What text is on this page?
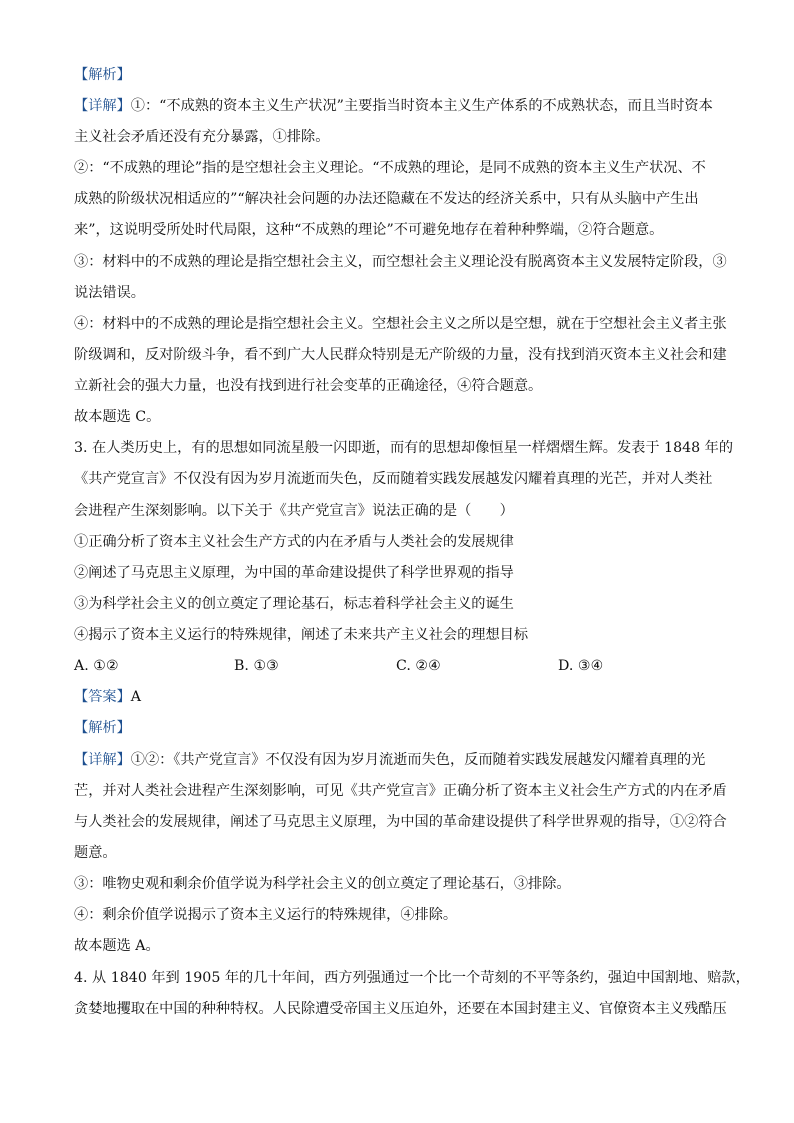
【解析】
【详解】①：“不成熟的资本主义生产状况”主要指当时资本主义生产体系的不成熟状态，而且当时资本
主义社会矛盾还没有充分暴露，①排除。
②：“不成熟的理论”指的是空想社会主义理论。“不成熟的理论，是同不成熟的资本主义生产状况、不
成熟的阶级状况相适应的”“解决社会问题的办法还隐藏在不发达的经济关系中，只有从头脑中产生出
来”，这说明受所处时代局限，这种“不成熟的理论”不可避免地存在着种种弊端，②符合题意。
③：材料中的不成熟的理论是指空想社会主义，而空想社会主义理论没有脱离资本主义发展特定阶段，③
说法错误。
④：材料中的不成熟的理论是指空想社会主义。空想社会主义之所以是空想，就在于空想社会主义者主张
阶级调和，反对阶级斗争，看不到广大人民群众特别是无产阶级的力量，没有找到消灭资本主义社会和建
立新社会的强大力量，也没有找到进行社会变革的正确途径，④符合题意。
故本题选 C。
3. 在人类历史上，有的思想如同流星般一闪即逝，而有的思想却像恒星一样熠熠生辉。发表于 1848 年的
《共产党宣言》不仅没有因为岁月流逝而失色，反而随着实践发展越发闪耀着真理的光芒，并对人类社
会进程产生深刻影响。以下关于《共产党宣言》说法正确的是（　　）
①正确分析了资本主义社会生产方式的内在矛盾与人类社会的发展规律
②阐述了马克思主义原理，为中国的革命建设提供了科学世界观的指导
③为科学社会主义的创立奠定了理论基石，标志着科学社会主义的诞生
④揭示了资本主义运行的特殊规律，阐述了未来共产主义社会的理想目标
A. ①②	B. ①③	C. ②④	D. ③④
【答案】A
【解析】
【详解】①②：《共产党宣言》不仅没有因为岁月流逝而失色，反而随着实践发展越发闪耀着真理的光
芒，并对人类社会进程产生深刻影响，可见《共产党宣言》正确分析了资本主义社会生产方式的内在矛盾
与人类社会的发展规律，阐述了马克思主义原理，为中国的革命建设提供了科学世界观的指导，①②符合
题意。
③：唯物史观和剩余价值学说为科学社会主义的创立奠定了理论基石，③排除。
④：剩余价值学说揭示了资本主义运行的特殊规律，④排除。
故本题选 A。
4. 从 1840 年到 1905 年的几十年间，西方列强通过一个比一个苛刻的不平等条约，强迫中国割地、赔款，
贪婪地攫取在中国的种种特权。人民除遭受帝国主义压迫外，还要在本国封建主义、官僚资本主义残酷压
